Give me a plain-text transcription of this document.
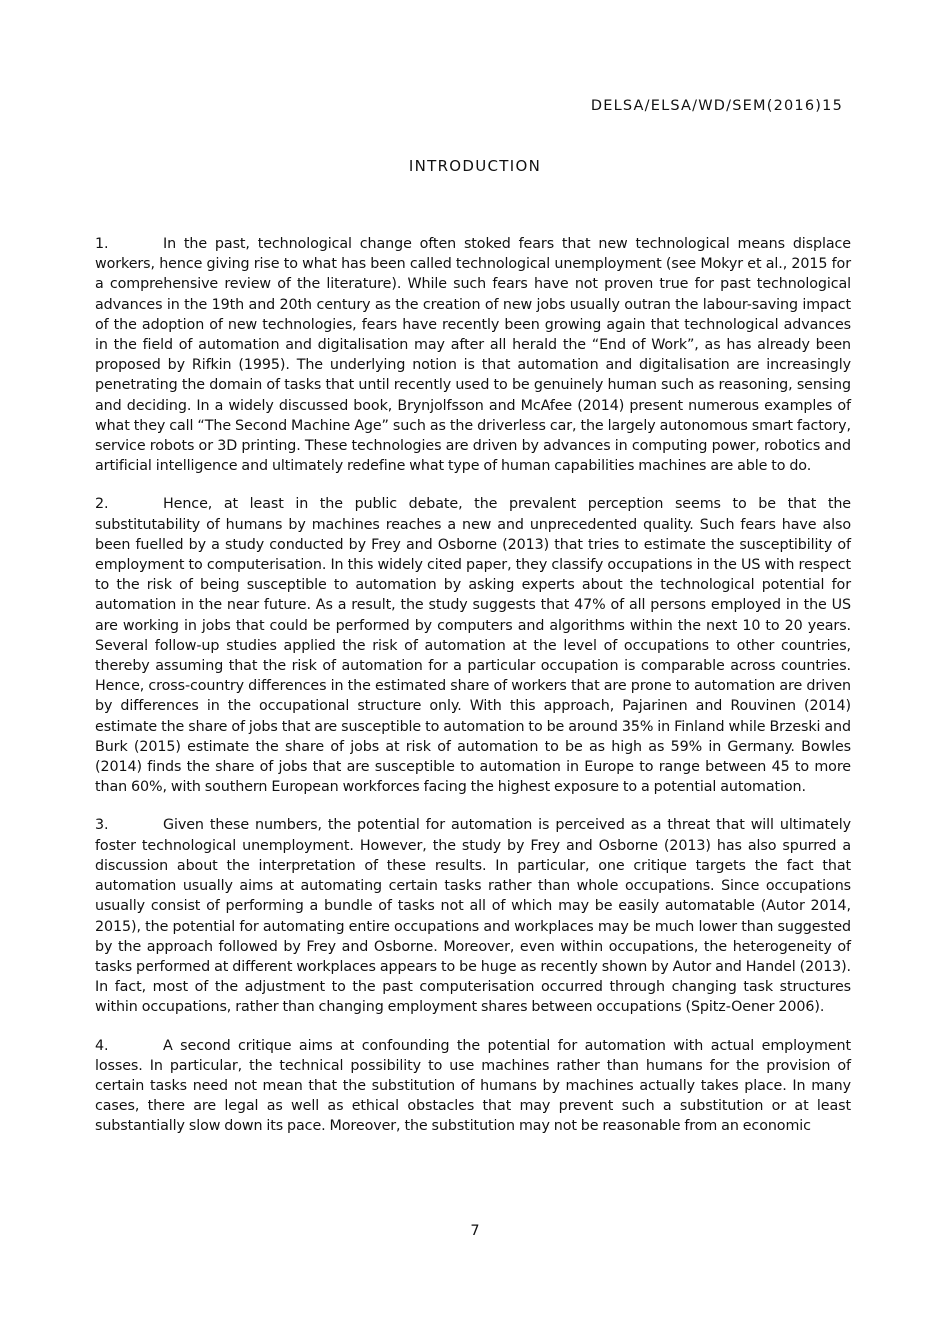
DELSA/ELSA/WD/SEM(2016)15

INTRODUCTION

1.	In the past, technological change often stoked fears that new technological means displace workers, hence giving rise to what has been called technological unemployment (see Mokyr et al., 2015 for a comprehensive review of the literature). While such fears have not proven true for past technological advances in the 19th and 20th century as the creation of new jobs usually outran the labour-saving impact of the adoption of new technologies, fears have recently been growing again that technological advances in the field of automation and digitalisation may after all herald the “End of Work”, as has already been proposed by Rifkin (1995). The underlying notion is that automation and digitalisation are increasingly penetrating the domain of tasks that until recently used to be genuinely human such as reasoning, sensing and deciding. In a widely discussed book, Brynjolfsson and McAfee (2014) present numerous examples of what they call “The Second Machine Age” such as the driverless car, the largely autonomous smart factory, service robots or 3D printing. These technologies are driven by advances in computing power, robotics and artificial intelligence and ultimately redefine what type of human capabilities machines are able to do.

2.	Hence, at least in the public debate, the prevalent perception seems to be that the substitutability of humans by machines reaches a new and unprecedented quality. Such fears have also been fuelled by a study conducted by Frey and Osborne (2013) that tries to estimate the susceptibility of employment to computerisation. In this widely cited paper, they classify occupations in the US with respect to the risk of being susceptible to automation by asking experts about the technological potential for automation in the near future. As a result, the study suggests that 47% of all persons employed in the US are working in jobs that could be performed by computers and algorithms within the next 10 to 20 years. Several follow-up studies applied the risk of automation at the level of occupations to other countries, thereby assuming that the risk of automation for a particular occupation is comparable across countries. Hence, cross-country differences in the estimated share of workers that are prone to automation are driven by differences in the occupational structure only. With this approach, Pajarinen and Rouvinen (2014) estimate the share of jobs that are susceptible to automation to be around 35% in Finland while Brzeski and Burk (2015) estimate the share of jobs at risk of automation to be as high as 59% in Germany. Bowles (2014) finds the share of jobs that are susceptible to automation in Europe to range between 45 to more than 60%, with southern European workforces facing the highest exposure to a potential automation.

3.	Given these numbers, the potential for automation is perceived as a threat that will ultimately foster technological unemployment. However, the study by Frey and Osborne (2013) has also spurred a discussion about the interpretation of these results. In particular, one critique targets the fact that automation usually aims at automating certain tasks rather than whole occupations. Since occupations usually consist of performing a bundle of tasks not all of which may be easily automatable (Autor 2014, 2015), the potential for automating entire occupations and workplaces may be much lower than suggested by the approach followed by Frey and Osborne. Moreover, even within occupations, the heterogeneity of tasks performed at different workplaces appears to be huge as recently shown by Autor and Handel (2013). In fact, most of the adjustment to the past computerisation occurred through changing task structures within occupations, rather than changing employment shares between occupations (Spitz-Oener 2006).

4.	A second critique aims at confounding the potential for automation with actual employment losses. In particular, the technical possibility to use machines rather than humans for the provision of certain tasks need not mean that the substitution of humans by machines actually takes place. In many cases, there are legal as well as ethical obstacles that may prevent such a substitution or at least substantially slow down its pace. Moreover, the substitution may not be reasonable from an economic

7
